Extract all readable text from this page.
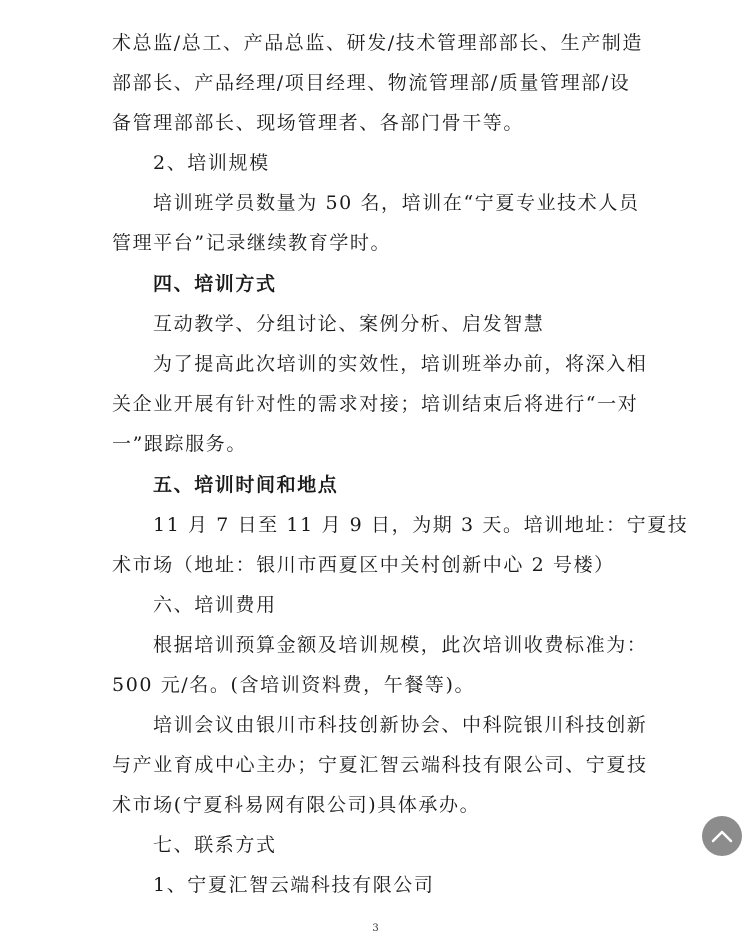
术总监/总工、产品总监、研发/技术管理部部长、生产制造
部部长、产品经理/项目经理、物流管理部/质量管理部/设
备管理部部长、现场管理者、各部门骨干等。
2、培训规模
培训班学员数量为 50 名，培训在“宁夏专业技术人员
管理平台”记录继续教育学时。
四、培训方式
互动教学、分组讨论、案例分析、启发智慧
为了提高此次培训的实效性，培训班举办前，将深入相
关企业开展有针对性的需求对接；培训结束后将进行“一对
一”跟踪服务。
五、培训时间和地点
11 月 7 日至 11 月 9 日，为期 3 天。培训地址：宁夏技
术市场（地址：银川市西夏区中关村创新中心 2 号楼）
六、培训费用
根据培训预算金额及培训规模，此次培训收费标准为：
500 元/名。(含培训资料费，午餐等)。
培训会议由银川市科技创新协会、中科院银川科技创新
与产业育成中心主办；宁夏汇智云端科技有限公司、宁夏技
术市场(宁夏科易网有限公司)具体承办。
七、联系方式
1、宁夏汇智云端科技有限公司
3
